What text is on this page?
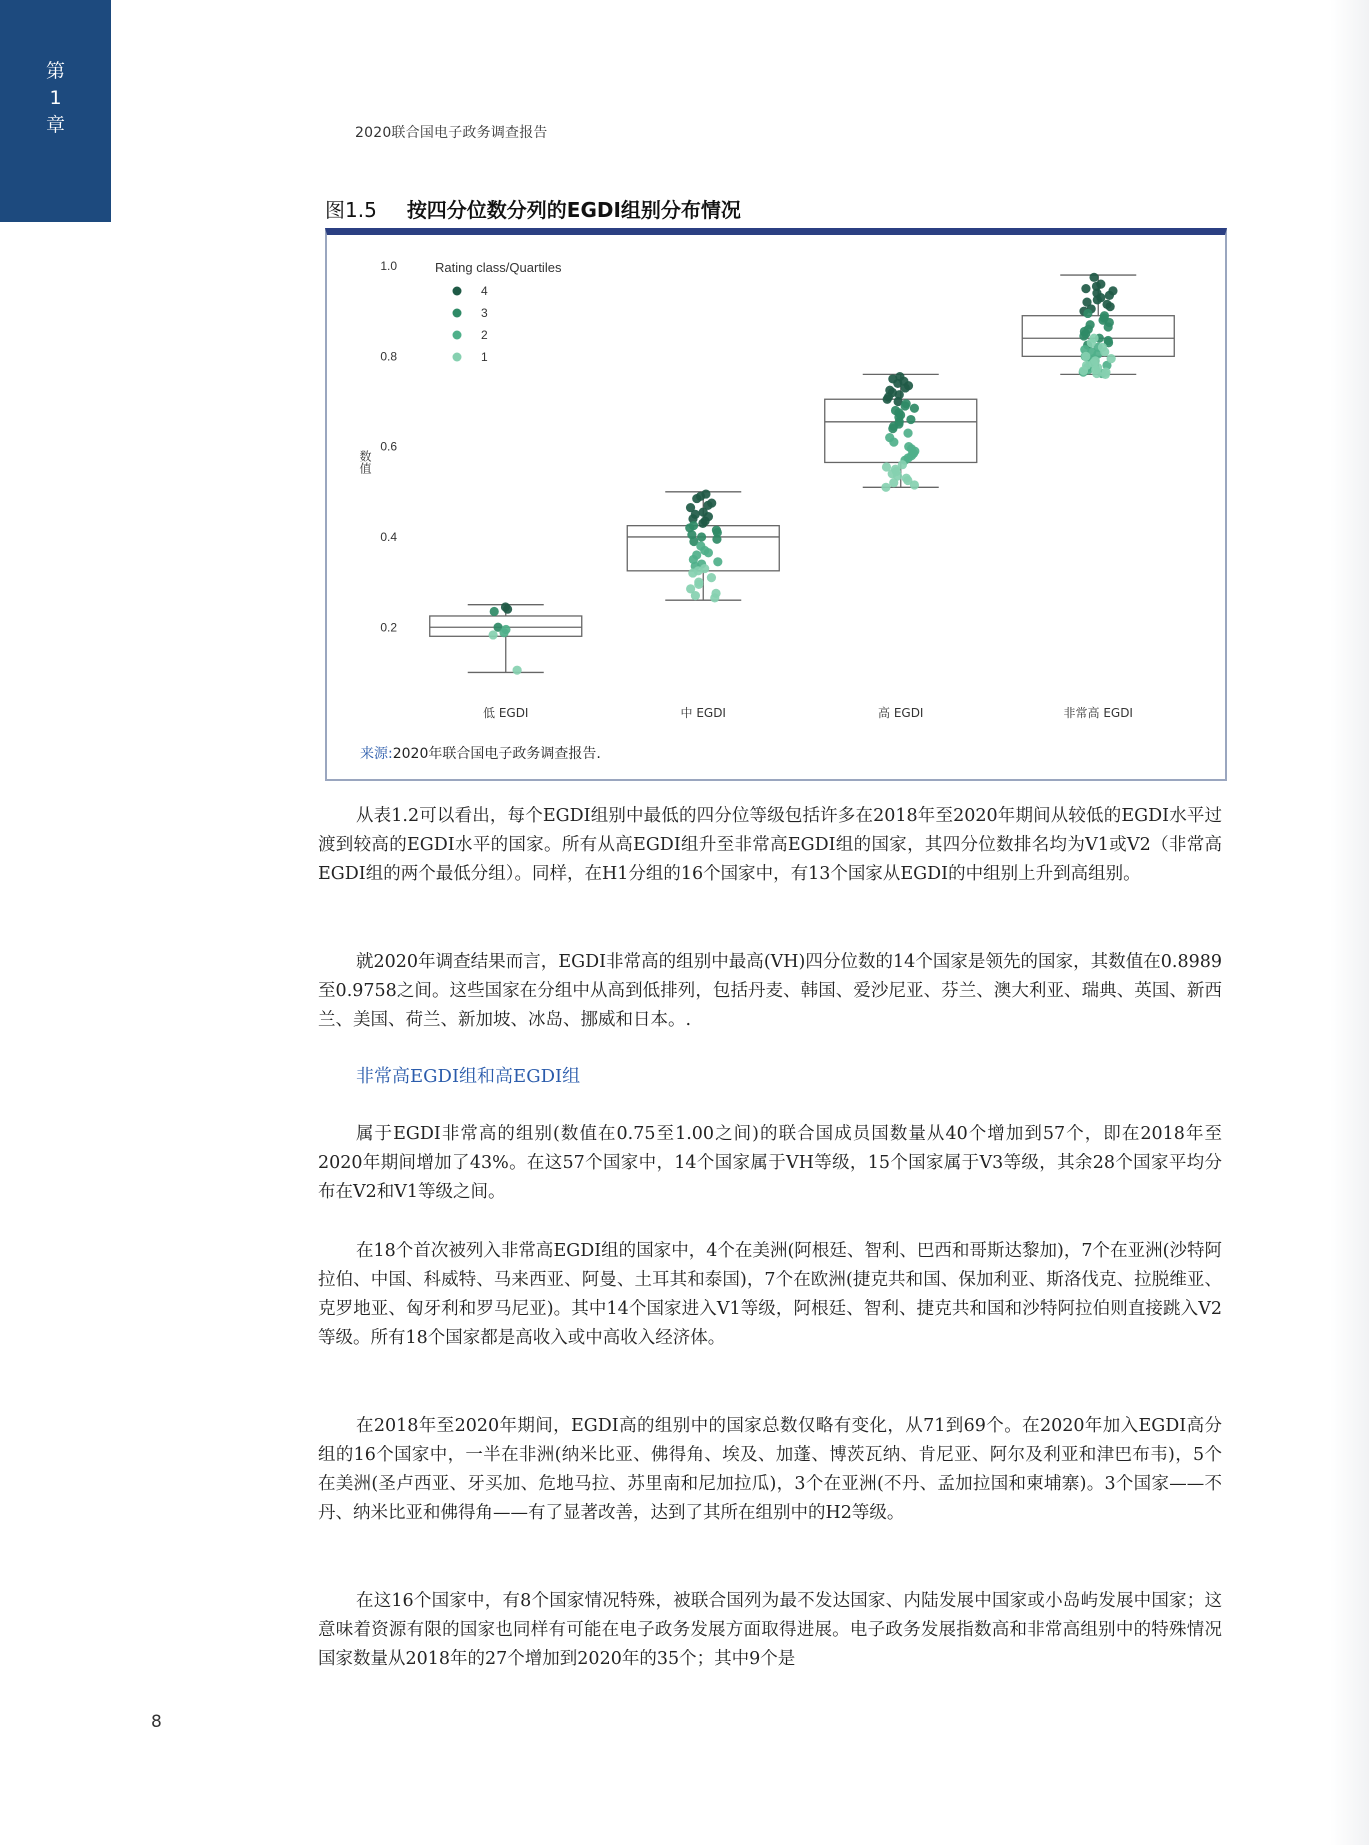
第
1
章	2020联合国电子政务调查报告
图1.5 按四分位数分列的EGDI组别分布情况
0.2
0.4
0.6
0.8
1.0
数值
低 EGDI	中 EGDI	高 EGDI	非常高 EGDI
Rating class/Quartiles
4
3
2
1
来源:2020年联合国电子政务调查报告.

从表1.2可以看出，每个EGDI组别中最低的四分位等级包括许多在2018年至2020年期间从较低的EGDI水平过渡到较高的EGDI水平的国家。所有从高EGDI组升至非常高EGDI组的国家，其四分位数排名均为V1或V2（非常高EGDI组的两个最低分组）。同样，在H1分组的16个国家中，有13个国家从EGDI的中组别上升到高组别。

就2020年调查结果而言，EGDI非常高的组别中最高(VH)四分位数的14个国家是领先的国家，其数值在0.8989至0.9758之间。这些国家在分组中从高到低排列，包括丹麦、韩国、爱沙尼亚、芬兰、澳大利亚、瑞典、英国、新西兰、美国、荷兰、新加坡、冰岛、挪威和日本。.

非常高EGDI组和高EGDI组

属于EGDI非常高的组别(数值在0.75至1.00之间)的联合国成员国数量从40个增加到57个，即在2018年至2020年期间增加了43%。在这57个国家中，14个国家属于VH等级，15个国家属于V3等级，其余28个国家平均分布在V2和V1等级之间。

在18个首次被列入非常高EGDI组的国家中，4个在美洲(阿根廷、智利、巴西和哥斯达黎加)，7个在亚洲(沙特阿拉伯、中国、科威特、马来西亚、阿曼、土耳其和泰国)，7个在欧洲(捷克共和国、保加利亚、斯洛伐克、拉脱维亚、克罗地亚、匈牙利和罗马尼亚)。其中14个国家进入V1等级，阿根廷、智利、捷克共和国和沙特阿拉伯则直接跳入V2等级。所有18个国家都是高收入或中高收入经济体。

在2018年至2020年期间，EGDI高的组别中的国家总数仅略有变化，从71到69个。在2020年加入EGDI高分组的16个国家中，一半在非洲(纳米比亚、佛得角、埃及、加蓬、博茨瓦纳、肯尼亚、阿尔及利亚和津巴布韦)，5个在美洲(圣卢西亚、牙买加、危地马拉、苏里南和尼加拉瓜)，3个在亚洲(不丹、孟加拉国和柬埔寨)。3个国家——不丹、纳米比亚和佛得角——有了显著改善，达到了其所在组别中的H2等级。

在这16个国家中，有8个国家情况特殊，被联合国列为最不发达国家、内陆发展中国家或小岛屿发展中国家；这意味着资源有限的国家也同样有可能在电子政务发展方面取得进展。电子政务发展指数高和非常高组别中的特殊情况国家数量从2018年的27个增加到2020年的35个；其中9个是

8
